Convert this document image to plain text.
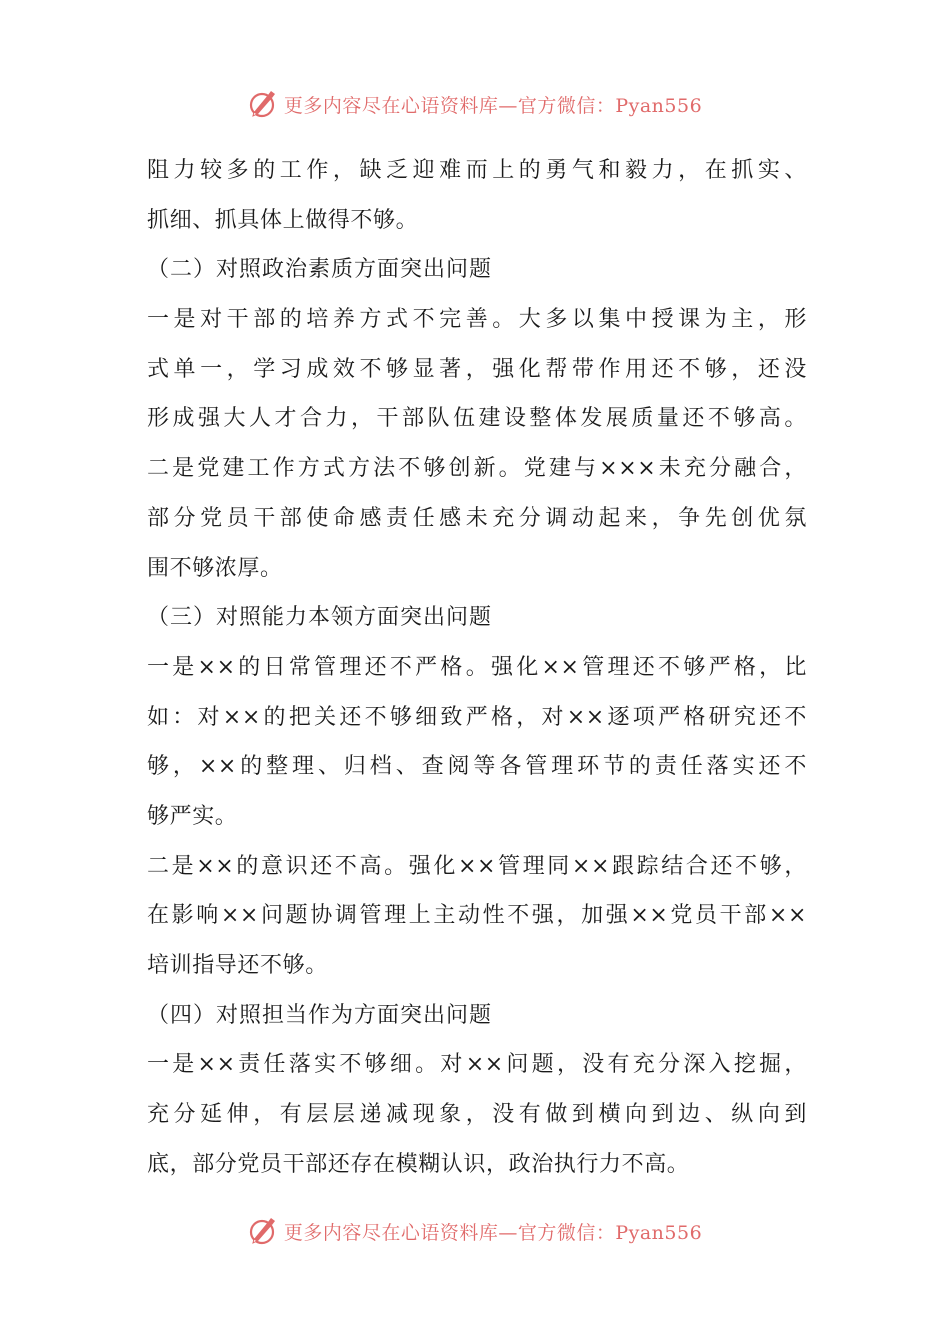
更多内容尽在心语资料库—官方微信：Pyan556
阻力较多的工作，缺乏迎难而上的勇气和毅力，在抓实、
抓细、抓具体上做得不够。
（二）对照政治素质方面突出问题
一是对干部的培养方式不完善。大多以集中授课为主，形
式单一，学习成效不够显著，强化帮带作用还不够，还没
形成强大人才合力，干部队伍建设整体发展质量还不够高。
二是党建工作方式方法不够创新。党建与×××未充分融合，
部分党员干部使命感责任感未充分调动起来，争先创优氛
围不够浓厚。
（三）对照能力本领方面突出问题
一是××的日常管理还不严格。强化××管理还不够严格，比
如：对××的把关还不够细致严格，对××逐项严格研究还不
够，××的整理、归档、查阅等各管理环节的责任落实还不
够严实。
二是××的意识还不高。强化××管理同××跟踪结合还不够，
在影响××问题协调管理上主动性不强，加强××党员干部××
培训指导还不够。
（四）对照担当作为方面突出问题
一是××责任落实不够细。对××问题，没有充分深入挖掘，
充分延伸，有层层递减现象，没有做到横向到边、纵向到
底，部分党员干部还存在模糊认识，政治执行力不高。
更多内容尽在心语资料库—官方微信：Pyan556
